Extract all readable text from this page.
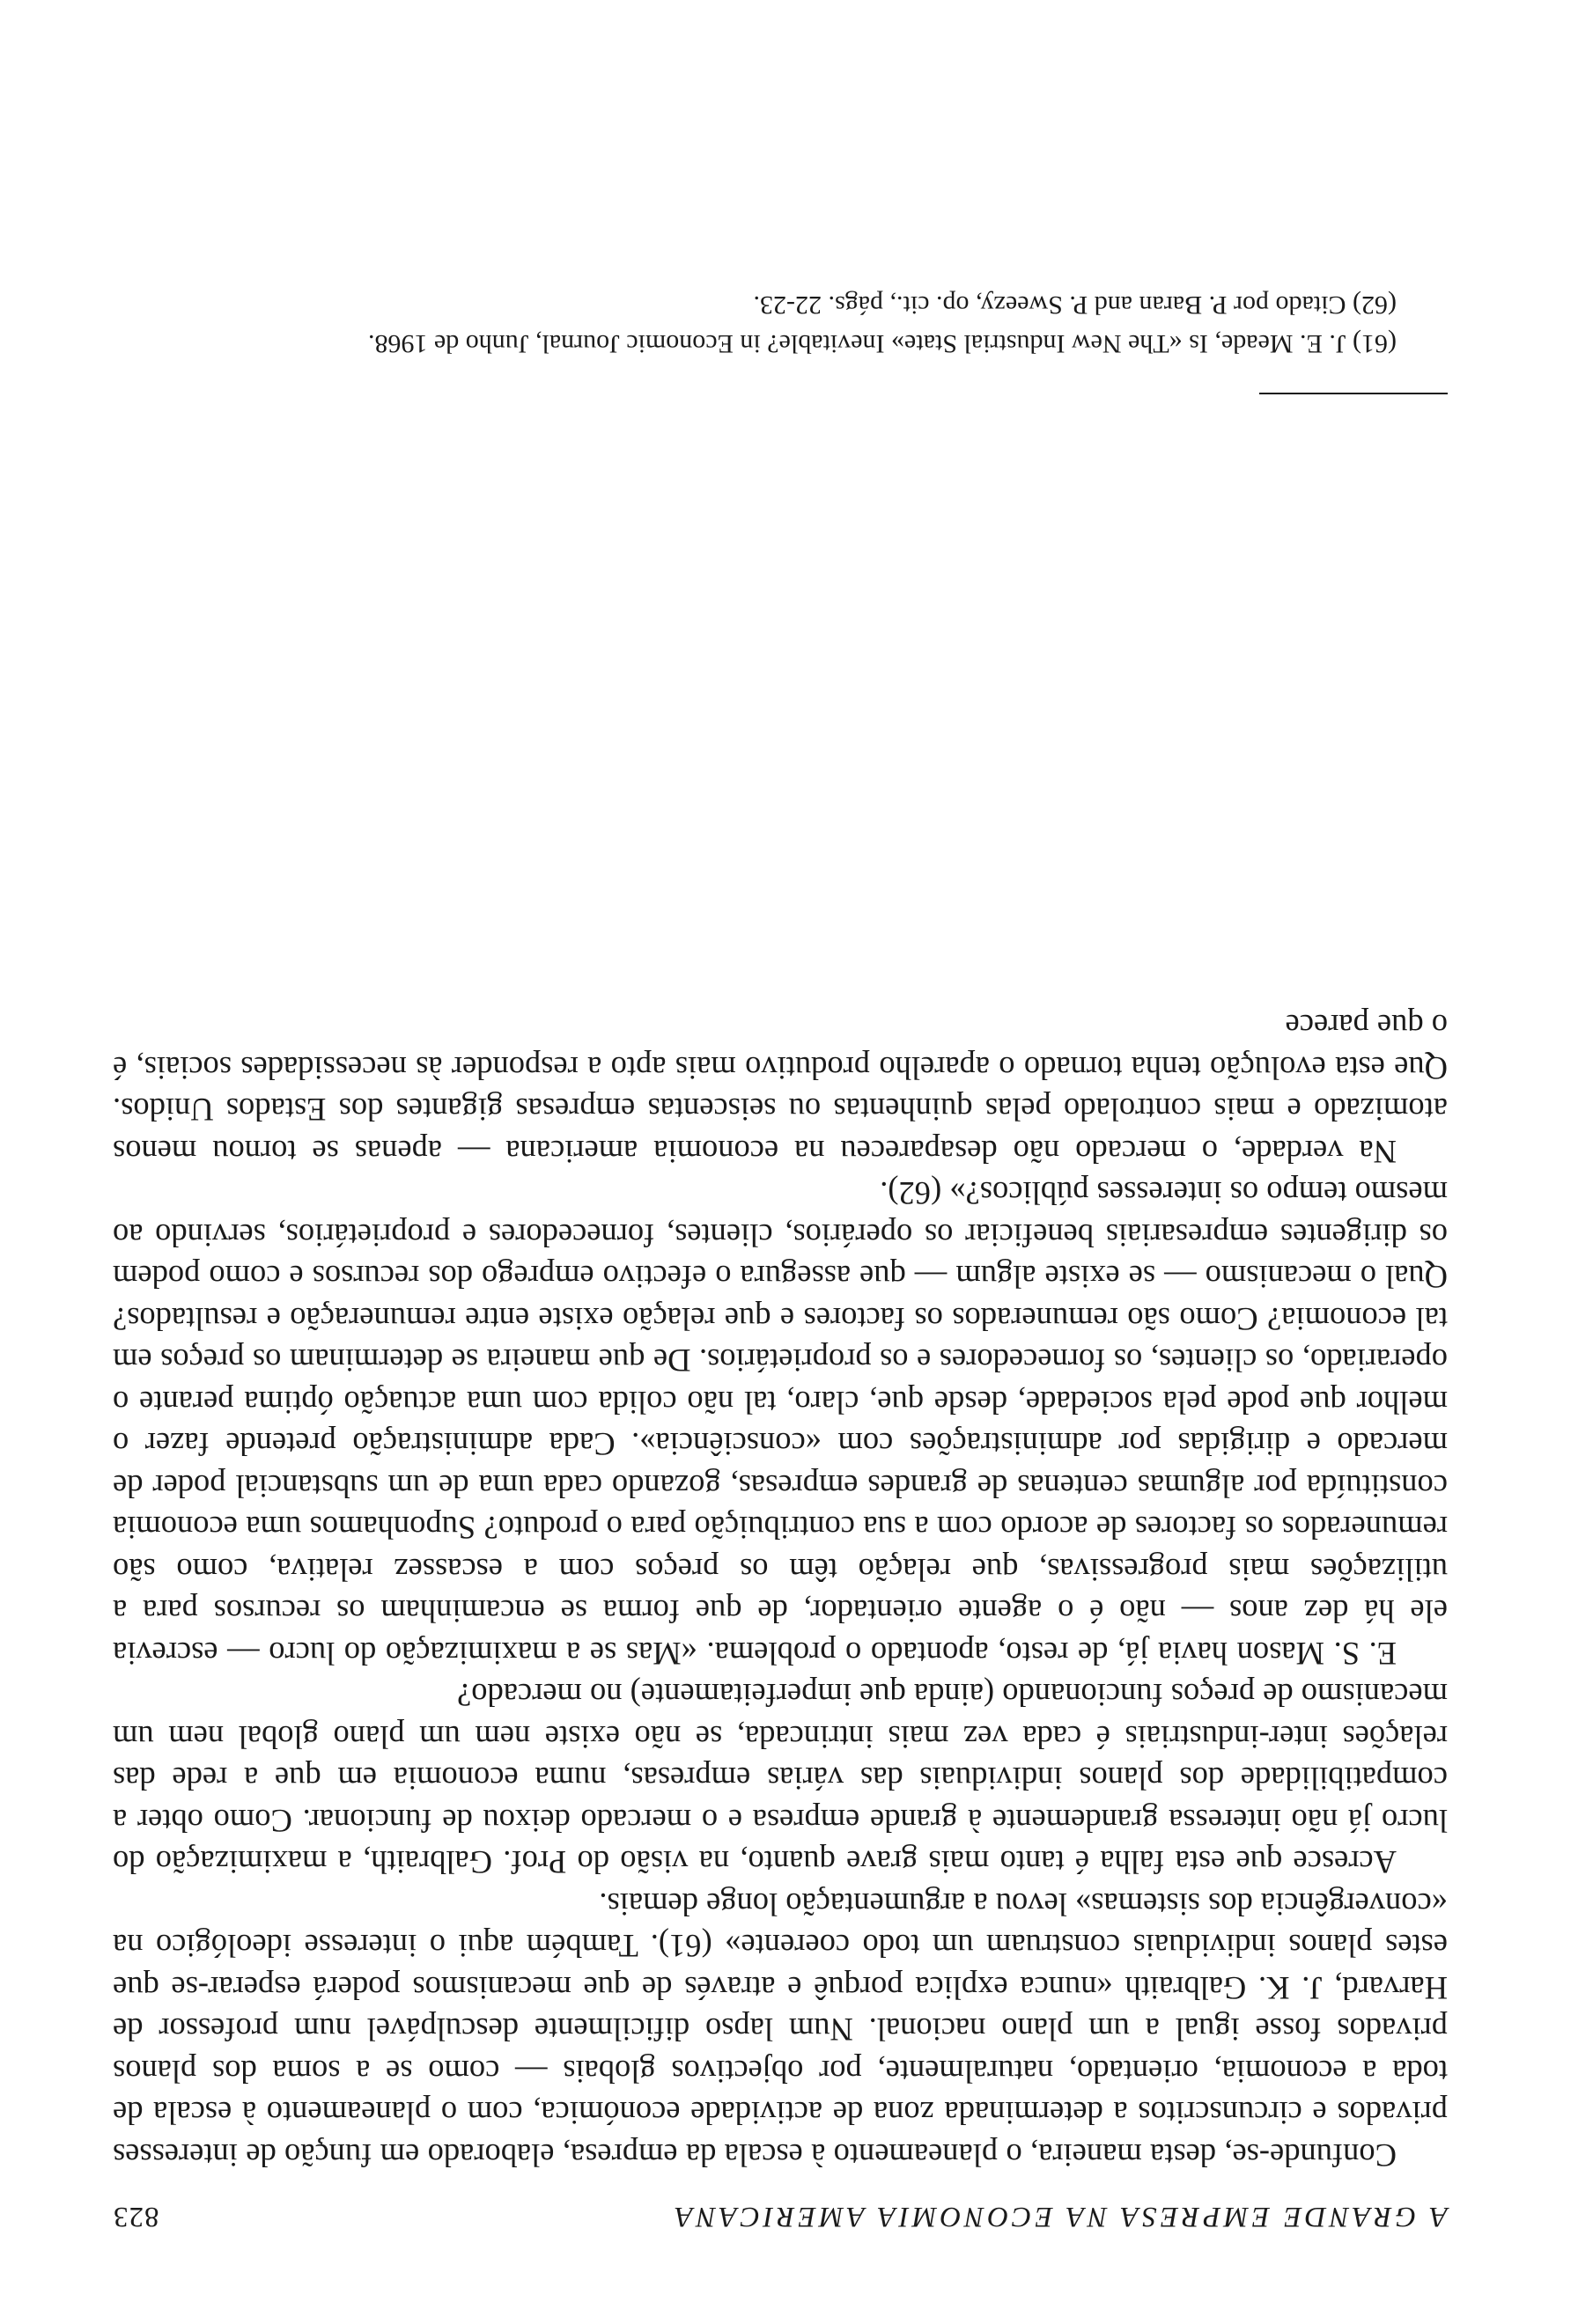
A GRANDE EMPRESA NA ECONOMIA AMERICANA
823

Confunde-se, desta maneira, o planeamento à escala da empresa, elaborado em função de interesses privados e circunscritos a determinada zona de actividade económica, com o planeamento à escala de toda a economia, orientado, naturalmente, por objectivos globais — como se a soma dos planos privados fosse igual a um plano nacional. Num lapso dificilmente desculpável num professor de Harvard, J. K. Galbraith «nunca explica porquê e através de que mecanismos poderá esperar-se que estes planos individuais construam um todo coerente» (61). Também aqui o interesse ideológico na «convergência dos sistemas» levou a argumentação longe demais.

Acresce que esta falha é tanto mais grave quanto, na visão do Prof. Galbraith, a maximização do lucro já não interessa grandemente à grande empresa e o mercado deixou de funcionar. Como obter a compatibilidade dos planos individuais das várias empresas, numa economia em que a rede das relações inter-industriais é cada vez mais intrincada, se não existe nem um plano global nem um mecanismo de preços funcionando (ainda que imperfeitamente) no mercado?

E. S. Mason havia já, de resto, apontado o problema. «Mas se a maximização do lucro — escrevia ele há dez anos — não é o agente orientador, de que forma se encaminham os recursos para a utilizações mais progressivas, que relação têm os preços com a escassez relativa, como são remunerados os factores de acordo com a sua contribuição para o produto? Suponhamos uma economia constituída por algumas centenas de grandes empresas, gozando cada uma de um substancial poder de mercado e dirigidas por administrações com «consciência». Cada administração pretende fazer o melhor que pode pela sociedade, desde que, claro, tal não colida com uma actuação óptima perante o operariado, os clientes, os fornecedores e os proprietários. De que maneira se determinam os preços em tal economia? Como são remunerados os factores e que relação existe entre remuneração e resultados? Qual o mecanismo — se existe algum — que assegura o efectivo emprego dos recursos e como podem os dirigentes empresariais beneficiar os operários, clientes, fornecedores e proprietários, servindo ao mesmo tempo os interesses públicos?» (62).

Na verdade, o mercado não desapareceu na economia americana — apenas se tornou menos atomizado e mais controlado pelas quinhentas ou seiscentas empresas gigantes dos Estados Unidos. Que esta evolução tenha tornado o aparelho produtivo mais apto a responder às necessidades sociais, é o que parece

(61) J. E. Meade, Is «The New Industrial State» Inevitable? in Economic Journal, Junho de 1968.

(62) Citado por P. Baran and P. Sweezy, op. cit., págs. 22-23.
